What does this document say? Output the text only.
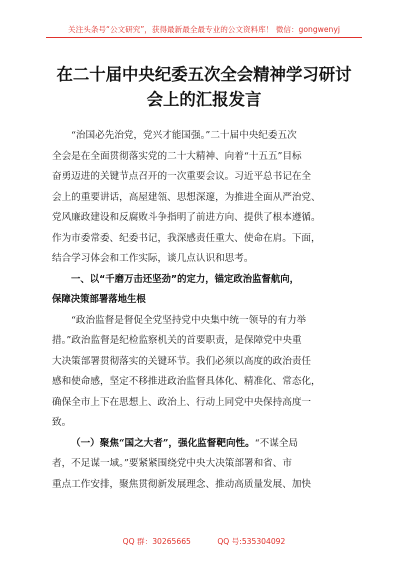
关注头条号“公文研究”，获得最新最全最专业的公文资料库！ 微信：gongwenyj
在二十届中央纪委五次全会精神学习研讨
会上的汇报发言
“治国必先治党，党兴才能国强。”二十届中央纪委五次
全会是在全面贯彻落实党的二十大精神、向着“十五五”目标
奋勇迈进的关键节点召开的一次重要会议。习近平总书记在全
会上的重要讲话，高屋建瓴、思想深邃，为推进全面从严治党、
党风廉政建设和反腐败斗争指明了前进方向、提供了根本遵循。
作为市委常委、纪委书记，我深感责任重大、使命在肩。下面，
结合学习体会和工作实际，谈几点认识和思考。
一、以“千磨万击还坚劲”的定力，锚定政治监督航向，
保障决策部署落地生根
“政治监督是督促全党坚持党中央集中统一领导的有力举
措。”政治监督是纪检监察机关的首要职责，是保障党中央重
大决策部署贯彻落实的关键环节。我们必须以高度的政治责任
感和使命感，坚定不移推进政治监督具体化、精准化、常态化，
确保全市上下在思想上、政治上、行动上同党中央保持高度一
致。
（一）聚焦“国之大者”，强化监督靶向性。“不谋全局
者，不足谋一域。”要紧紧围绕党中央大决策部署和省、市
重点工作安排，聚焦贯彻新发展理念、推动高质量发展、加快
QQ 群：30265665	QQ 号:535304092
